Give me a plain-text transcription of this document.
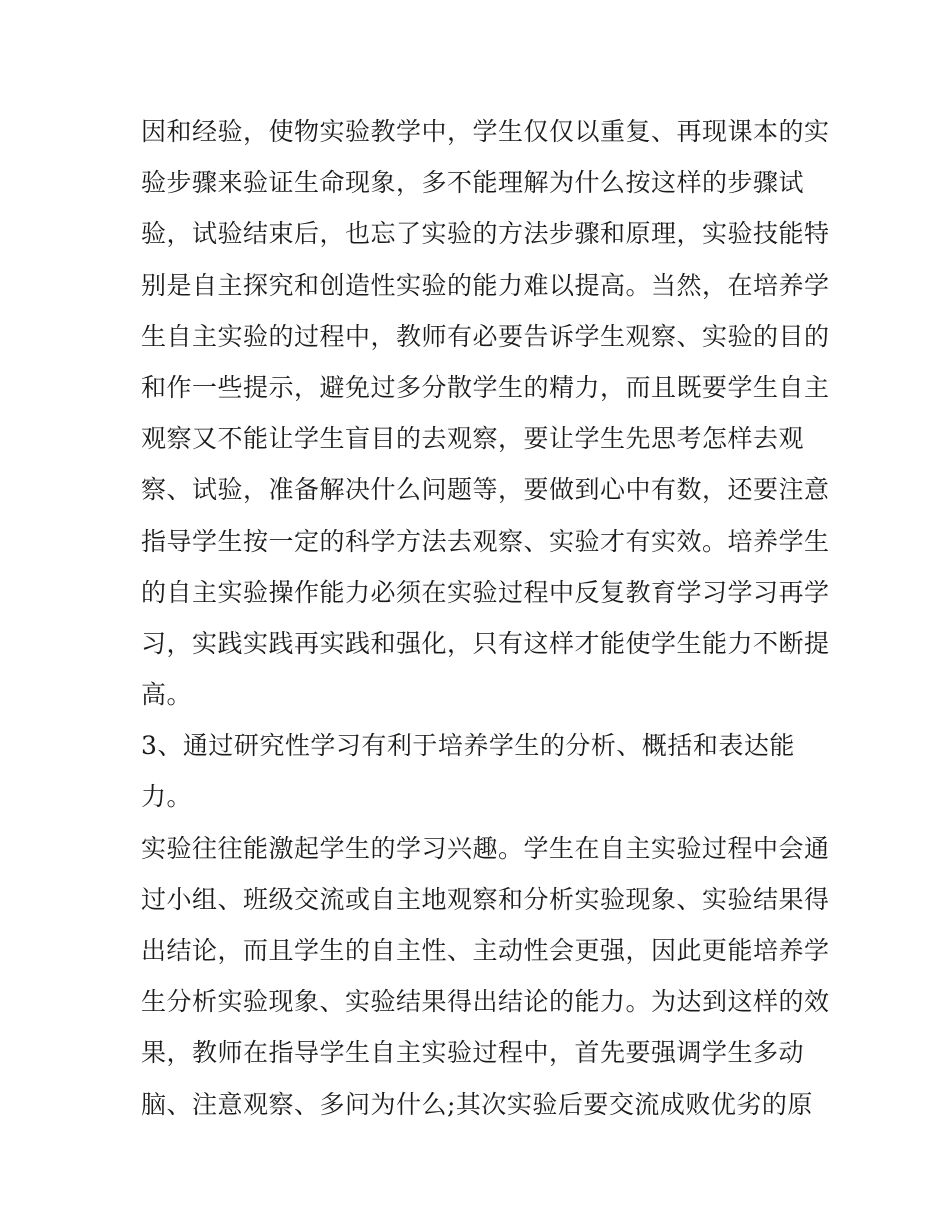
因和经验，使物实验教学中，学生仅仅以重复、再现课本的实
验步骤来验证生命现象，多不能理解为什么按这样的步骤试
验，试验结束后，也忘了实验的方法步骤和原理，实验技能特
别是自主探究和创造性实验的能力难以提高。当然，在培养学
生自主实验的过程中，教师有必要告诉学生观察、实验的目的
和作一些提示，避免过多分散学生的精力，而且既要学生自主
观察又不能让学生盲目的去观察，要让学生先思考怎样去观
察、试验，准备解决什么问题等，要做到心中有数，还要注意
指导学生按一定的科学方法去观察、实验才有实效。培养学生
的自主实验操作能力必须在实验过程中反复教育学习学习再学
习，实践实践再实践和强化，只有这样才能使学生能力不断提
高。
3、通过研究性学习有利于培养学生的分析、概括和表达能
力。
实验往往能激起学生的学习兴趣。学生在自主实验过程中会通
过小组、班级交流或自主地观察和分析实验现象、实验结果得
出结论，而且学生的自主性、主动性会更强，因此更能培养学
生分析实验现象、实验结果得出结论的能力。为达到这样的效
果，教师在指导学生自主实验过程中，首先要强调学生多动
脑、注意观察、多问为什么;其次实验后要交流成败优劣的原
